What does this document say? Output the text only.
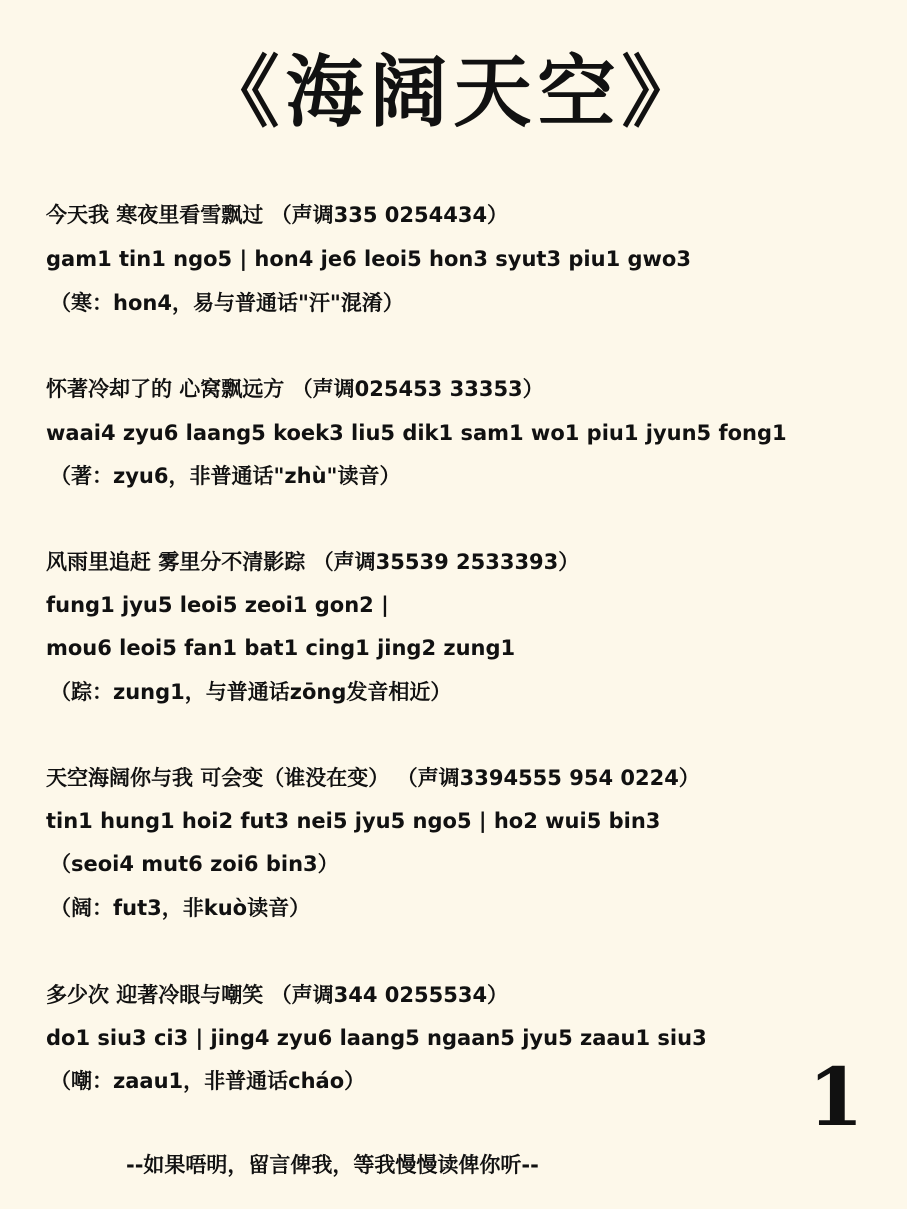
《海阔天空》
今天我 寒夜里看雪飘过 （声调335 0254434）
gam1 tin1 ngo5 | hon4 je6 leoi5 hon3 syut3 piu1 gwo3
（寒：hon4，易与普通话"汗"混淆）
怀著冷却了的 心窝飘远方 （声调025453 33353）
waai4 zyu6 laang5 koek3 liu5 dik1 sam1 wo1 piu1 jyun5 fong1
（著：zyu6，非普通话"zhù"读音）
风雨里追赶 雾里分不清影踪 （声调35539 2533393）
fung1 jyu5 leoi5 zeoi1 gon2 |
mou6 leoi5 fan1 bat1 cing1 jing2 zung1
（踪：zung1，与普通话zōng发音相近）
天空海阔你与我 可会变（谁没在变） （声调3394555 954 0224）
tin1 hung1 hoi2 fut3 nei5 jyu5 ngo5 | ho2 wui5 bin3
（seoi4 mut6 zoi6 bin3）
（阔：fut3，非kuò读音）
多少次 迎著冷眼与嘲笑 （声调344 0255534）
do1 siu3 ci3 | jing4 zyu6 laang5 ngaan5 jyu5 zaau1 siu3
（嘲：zaau1，非普通话cháo）	1
--如果唔明，留言俾我，等我慢慢读俾你听--
